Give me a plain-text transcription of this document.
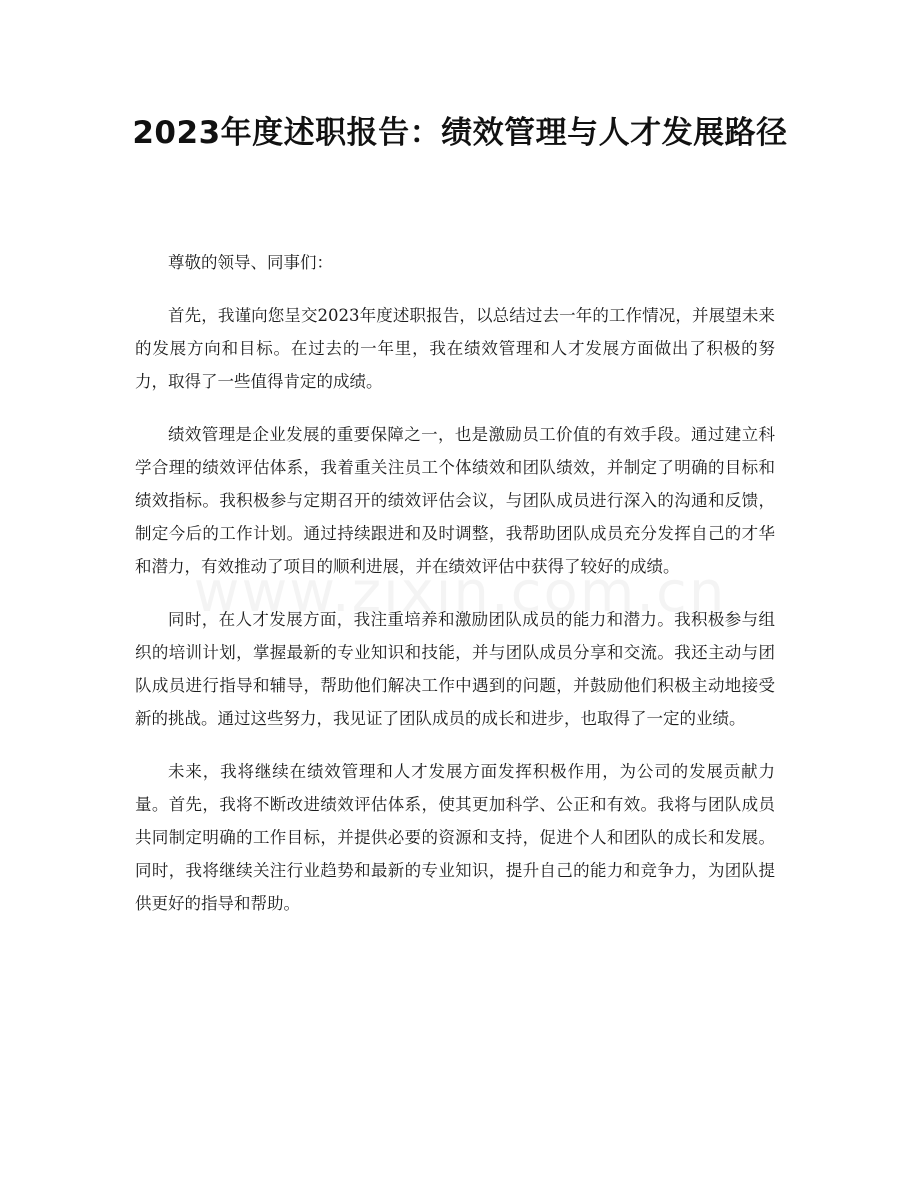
2023年度述职报告：绩效管理与人才发展路径

尊敬的领导、同事们：

首先，我谨向您呈交2023年度述职报告，以总结过去一年的工作情况，并展望未来的发展方向和目标。在过去的一年里，我在绩效管理和人才发展方面做出了积极的努力，取得了一些值得肯定的成绩。

绩效管理是企业发展的重要保障之一，也是激励员工价值的有效手段。通过建立科学合理的绩效评估体系，我着重关注员工个体绩效和团队绩效，并制定了明确的目标和绩效指标。我积极参与定期召开的绩效评估会议，与团队成员进行深入的沟通和反馈，制定今后的工作计划。通过持续跟进和及时调整，我帮助团队成员充分发挥自己的才华和潜力，有效推动了项目的顺利进展，并在绩效评估中获得了较好的成绩。

同时，在人才发展方面，我注重培养和激励团队成员的能力和潜力。我积极参与组织的培训计划，掌握最新的专业知识和技能，并与团队成员分享和交流。我还主动与团队成员进行指导和辅导，帮助他们解决工作中遇到的问题，并鼓励他们积极主动地接受新的挑战。通过这些努力，我见证了团队成员的成长和进步，也取得了一定的业绩。

未来，我将继续在绩效管理和人才发展方面发挥积极作用，为公司的发展贡献力量。首先，我将不断改进绩效评估体系，使其更加科学、公正和有效。我将与团队成员共同制定明确的工作目标，并提供必要的资源和支持，促进个人和团队的成长和发展。同时，我将继续关注行业趋势和最新的专业知识，提升自己的能力和竞争力，为团队提供更好的指导和帮助。
